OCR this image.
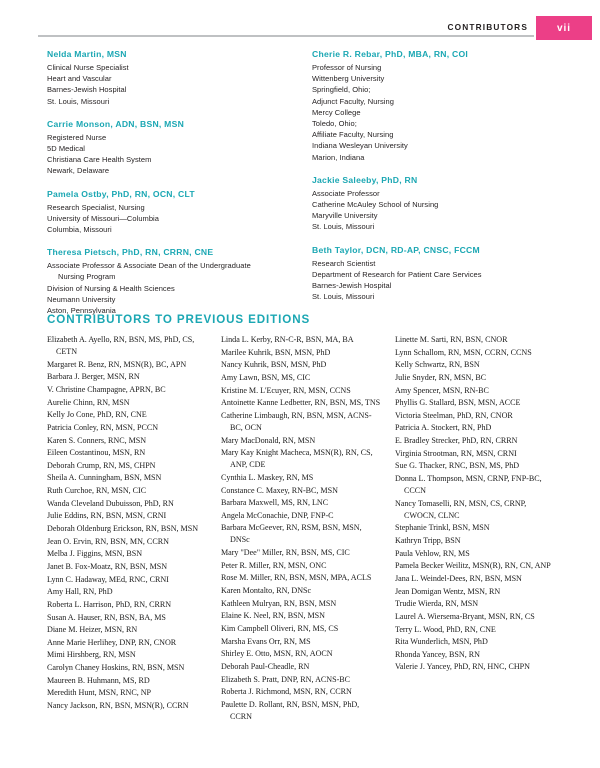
CONTRIBUTORS	vii
Nelda Martin, MSN
Clinical Nurse Specialist
Heart and Vascular
Barnes-Jewish Hospital
St. Louis, Missouri
Carrie Monson, ADN, BSN, MSN
Registered Nurse
5D Medical
Christiana Care Health System
Newark, Delaware
Pamela Ostby, PhD, RN, OCN, CLT
Research Specialist, Nursing
University of Missouri—Columbia
Columbia, Missouri
Theresa Pietsch, PhD, RN, CRRN, CNE
Associate Professor & Associate Dean of the Undergraduate
Nursing Program
Division of Nursing & Health Sciences
Neumann University
Aston, Pennsylvania
Cherie R. Rebar, PhD, MBA, RN, COI
Professor of Nursing
Wittenberg University
Springfield, Ohio;
Adjunct Faculty, Nursing
Mercy College
Toledo, Ohio;
Affiliate Faculty, Nursing
Indiana Wesleyan University
Marion, Indiana
Jackie Saleeby, PhD, RN
Associate Professor
Catherine McAuley School of Nursing
Maryville University
St. Louis, Missouri
Beth Taylor, DCN, RD-AP, CNSC, FCCM
Research Scientist
Department of Research for Patient Care Services
Barnes-Jewish Hospital
St. Louis, Missouri
CONTRIBUTORS TO PREVIOUS EDITIONS
Elizabeth A. Ayello, RN, BSN, MS, PhD, CS, CETN
Margaret R. Benz, RN, MSN(R), BC, APN
Barbara J. Berger, MSN, RN
V. Christine Champagne, APRN, BC
Aurelie Chinn, RN, MSN
Kelly Jo Cone, PhD, RN, CNE
Patricia Conley, RN, MSN, PCCN
Karen S. Conners, RNC, MSN
Eileen Costantinou, MSN, RN
Deborah Crump, RN, MS, CHPN
Sheila A. Cunningham, BSN, MSN
Ruth Curchoe, RN, MSN, CIC
Wanda Cleveland Dubuisson, PhD, RN
Julie Eddins, RN, BSN, MSN, CRNI
Deborah Oldenburg Erickson, RN, BSN, MSN
Jean O. Ervin, RN, BSN, MN, CCRN
Melba J. Figgins, MSN, BSN
Janet B. Fox-Moatz, RN, BSN, MSN
Lynn C. Hadaway, MEd, RNC, CRNI
Amy Hall, RN, PhD
Roberta L. Harrison, PhD, RN, CRRN
Susan A. Hauser, RN, BSN, BA, MS
Diane M. Heizer, MSN, RN
Anne Marie Herlihey, DNP, RN, CNOR
Mimi Hirshberg, RN, MSN
Carolyn Chaney Hoskins, RN, BSN, MSN
Maureen B. Huhmann, MS, RD
Meredith Hunt, MSN, RNC, NP
Nancy Jackson, RN, BSN, MSN(R), CCRN
Linda L. Kerby, RN-C-R, BSN, MA, BA
Marilee Kuhrik, BSN, MSN, PhD
Nancy Kuhrik, BSN, MSN, PhD
Amy Lawn, BSN, MS, CIC
Kristine M. L'Ecuyer, RN, MSN, CCNS
Antoinette Kanne Ledbetter, RN, BSN, MS, TNS
Catherine Limbaugh, RN, BSN, MSN, ACNS-BC, OCN
Mary MacDonald, RN, MSN
Mary Kay Knight Macheca, MSN(R), RN, CS, ANP, CDE
Cynthia L. Maskey, RN, MS
Constance C. Maxey, RN-BC, MSN
Barbara Maxwell, MS, RN, LNC
Angela McConachie, DNP, FNP-C
Barbara McGeever, RN, RSM, BSN, MSN, DNSc
Mary "Dee" Miller, RN, BSN, MS, CIC
Peter R. Miller, RN, MSN, ONC
Rose M. Miller, RN, BSN, MSN, MPA, ACLS
Karen Montalto, RN, DNSc
Kathleen Mulryan, RN, BSN, MSN
Elaine K. Neel, RN, BSN, MSN
Kim Campbell Oliveri, RN, MS, CS
Marsha Evans Orr, RN, MS
Shirley E. Otto, MSN, RN, AOCN
Deborah Paul-Cheadle, RN
Elizabeth S. Pratt, DNP, RN, ACNS-BC
Roberta J. Richmond, MSN, RN, CCRN
Paulette D. Rollant, RN, BSN, MSN, PhD, CCRN
Linette M. Sarti, RN, BSN, CNOR
Lynn Schallom, RN, MSN, CCRN, CCNS
Kelly Schwartz, RN, BSN
Julie Snyder, RN, MSN, BC
Amy Spencer, MSN, RN-BC
Phyllis G. Stallard, BSN, MSN, ACCE
Victoria Steelman, PhD, RN, CNOR
Patricia A. Stockert, RN, PhD
E. Bradley Strecker, PhD, RN, CRRN
Virginia Strootman, RN, MSN, CRNI
Sue G. Thacker, RNC, BSN, MS, PhD
Donna L. Thompson, MSN, CRNP, FNP-BC, CCCN
Nancy Tomaselli, RN, MSN, CS, CRNP, CWOCN, CLNC
Stephanie Trinkl, BSN, MSN
Kathryn Tripp, BSN
Paula Vehlow, RN, MS
Pamela Becker Weilitz, MSN(R), RN, CN, ANP
Jana L. Weindel-Dees, RN, BSN, MSN
Jean Domigan Wentz, MSN, RN
Trudie Wierda, RN, MSN
Laurel A. Wiersema-Bryant, MSN, RN, CS
Terry L. Wood, PhD, RN, CNE
Rita Wunderlich, MSN, PhD
Rhonda Yancey, BSN, RN
Valerie J. Yancey, PhD, RN, HNC, CHPN
